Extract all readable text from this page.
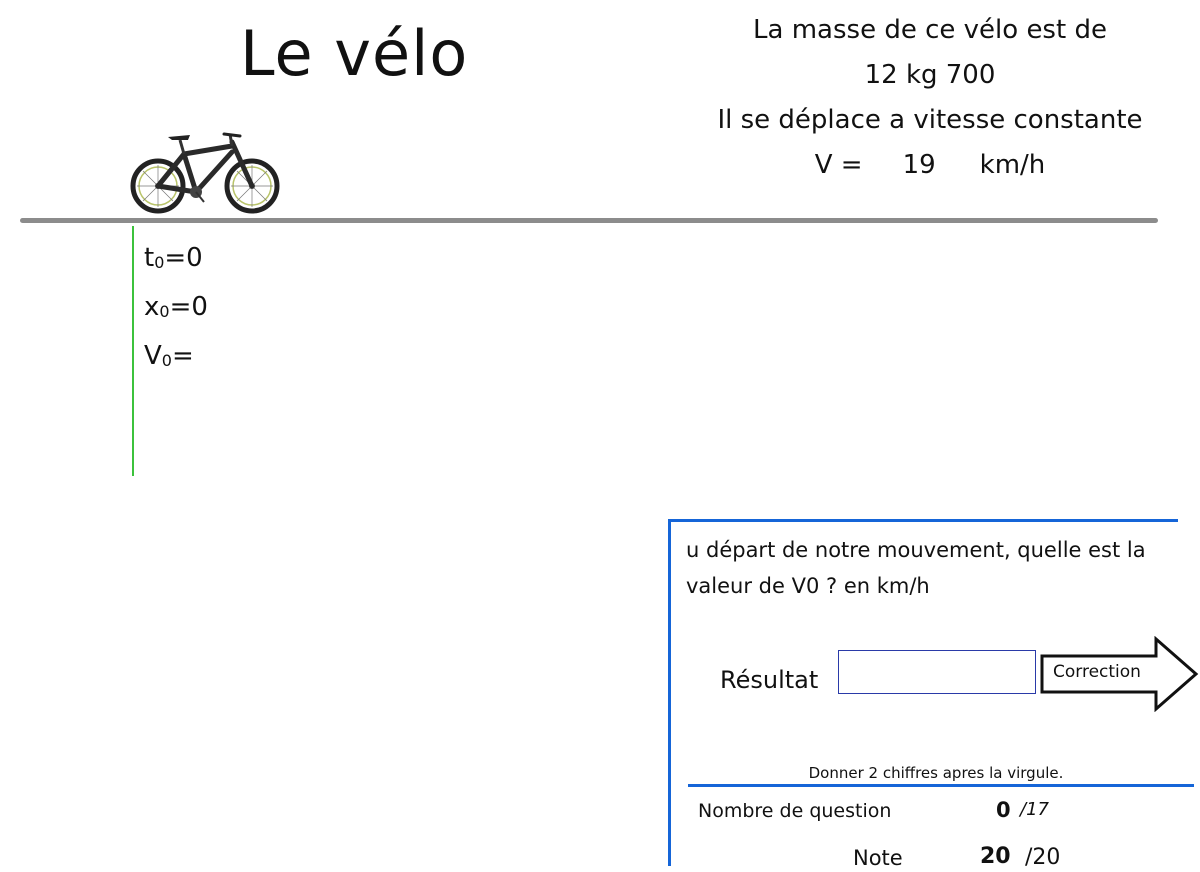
Le vélo	La masse de ce vélo est de
12 kg 700
Il se déplace a vitesse constante
V = 19 km/h
$t_0=0$
$x_0=0$
$V_0=$
u départ de notre mouvement, quelle est la valeur de V0 ? en km/h
Résultat	Correction
Donner 2 chiffres apres la virgule.
Nombre de question	0 /17
Note	20 /20
